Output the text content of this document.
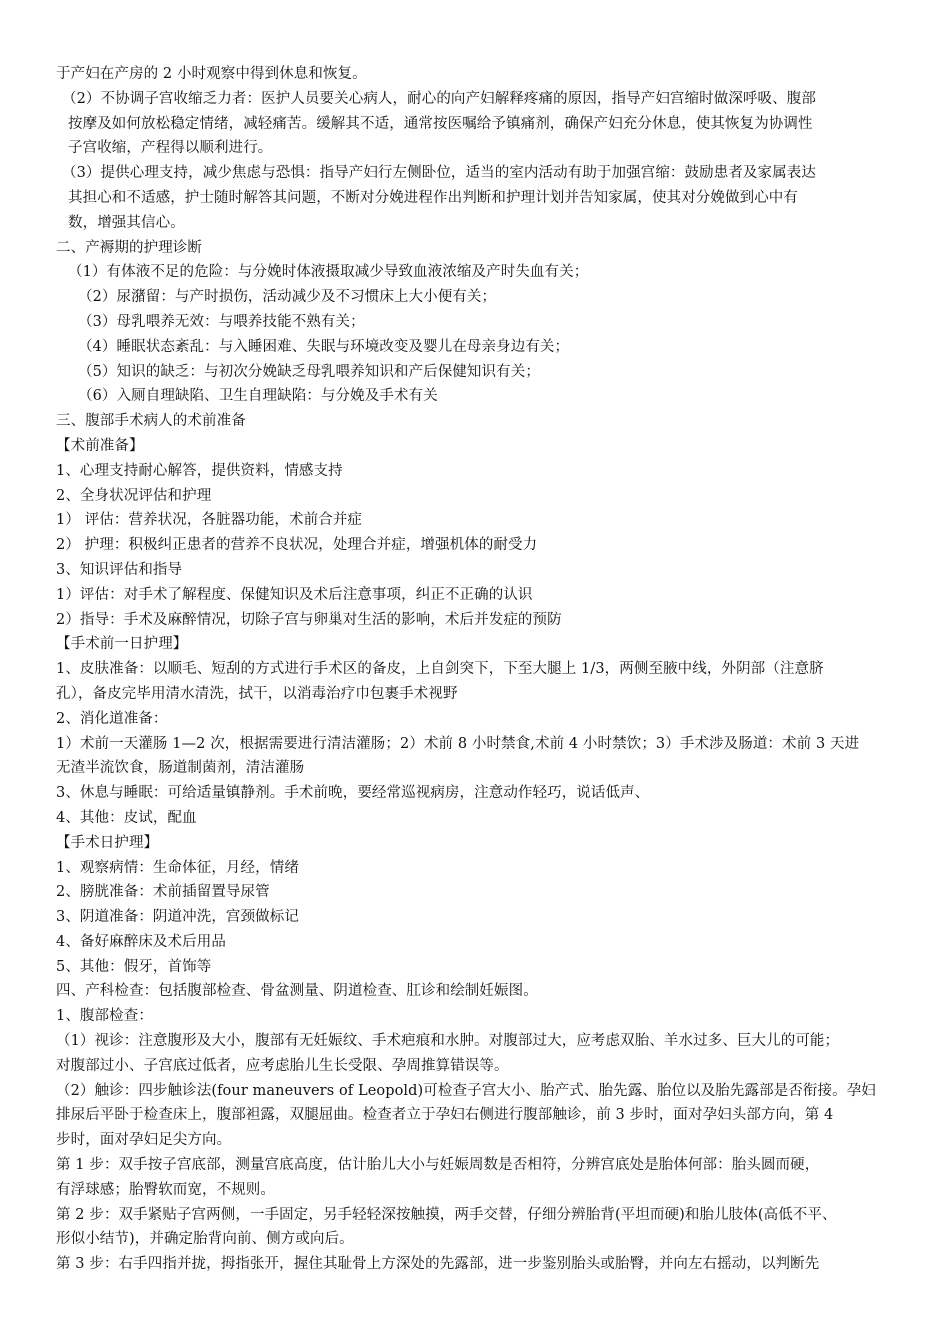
于产妇在产房的 2 小时观察中得到休息和恢复。
（2）不协调子宫收缩乏力者：医护人员要关心病人，耐心的向产妇解释疼痛的原因，指导产妇宫缩时做深呼吸、腹部
按摩及如何放松稳定情绪，减轻痛苦。缓解其不适，通常按医嘱给予镇痛剂，确保产妇充分休息，使其恢复为协调性
子宫收缩，产程得以顺利进行。
（3）提供心理支持，减少焦虑与恐惧：指导产妇行左侧卧位，适当的室内活动有助于加强宫缩：鼓励患者及家属表达
其担心和不适感，护士随时解答其问题，不断对分娩进程作出判断和护理计划并告知家属，使其对分娩做到心中有
数，增强其信心。
二、产褥期的护理诊断
（1）有体液不足的危险：与分娩时体液摄取减少导致血液浓缩及产时失血有关；
（2）尿潴留：与产时损伤，活动减少及不习惯床上大小便有关；
（3）母乳喂养无效：与喂养技能不熟有关；
（4）睡眠状态紊乱：与入睡困难、失眠与环境改变及婴儿在母亲身边有关；
（5）知识的缺乏：与初次分娩缺乏母乳喂养知识和产后保健知识有关；
（6）入厕自理缺陷、卫生自理缺陷：与分娩及手术有关
三、腹部手术病人的术前准备
【术前准备】
1、心理支持耐心解答，提供资料，情感支持
2、全身状况评估和护理
1） 评估：营养状况，各脏器功能，术前合并症
2） 护理：积极纠正患者的营养不良状况，处理合并症，增强机体的耐受力
3、知识评估和指导
1）评估：对手术了解程度、保健知识及术后注意事项，纠正不正确的认识
2）指导：手术及麻醉情况，切除子宫与卵巢对生活的影响，术后并发症的预防
【手术前一日护理】
1、皮肤准备：以顺毛、短刮的方式进行手术区的备皮，上自剑突下，下至大腿上 1/3，两侧至腋中线，外阴部（注意脐
孔），备皮完毕用清水清洗，拭干，以消毒治疗巾包裹手术视野
2、消化道准备：
1）术前一天灌肠 1—2 次，根据需要进行清洁灌肠；2）术前 8 小时禁食,术前 4 小时禁饮；3）手术涉及肠道：术前 3 天进
无渣半流饮食，肠道制菌剂，清洁灌肠
3、休息与睡眠：可给适量镇静剂。手术前晚，要经常巡视病房，注意动作轻巧，说话低声、
4、其他：皮试，配血
【手术日护理】
1、观察病情：生命体征，月经，情绪
2、膀胱准备：术前插留置导尿管
3、阴道准备：阴道冲洗，宫颈做标记
4、备好麻醉床及术后用品
5、其他：假牙，首饰等
四、产科检查：包括腹部检查、骨盆测量、阴道检查、肛诊和绘制妊娠图。
1、腹部检查：
（1）视诊：注意腹形及大小，腹部有无妊娠纹、手术疤痕和水肿。对腹部过大，应考虑双胎、羊水过多、巨大儿的可能；
对腹部过小、子宫底过低者，应考虑胎儿生长受限、孕周推算错误等。
（2）触诊：四步触诊法(four maneuvers of Leopold)可检查子宫大小、胎产式、胎先露、胎位以及胎先露部是否衔接。孕妇
排尿后平卧于检查床上，腹部袒露，双腿屈曲。检查者立于孕妇右侧进行腹部触诊，前 3 步时，面对孕妇头部方向，第 4
步时，面对孕妇足尖方向。
第 1 步：双手按子宫底部，测量宫底高度，估计胎儿大小与妊娠周数是否相符，分辨宫底处是胎体何部：胎头圆而硬，
有浮球感；胎臀软而宽，不规则。
第 2 步：双手紧贴子宫两侧，一手固定，另手轻轻深按触摸，两手交替，仔细分辨胎背(平坦而硬)和胎儿肢体(高低不平、
形似小结节)，并确定胎背向前、侧方或向后。
第 3 步：右手四指并拢，拇指张开，握住其耻骨上方深处的先露部，进一步鉴别胎头或胎臀，并向左右摇动，以判断先
